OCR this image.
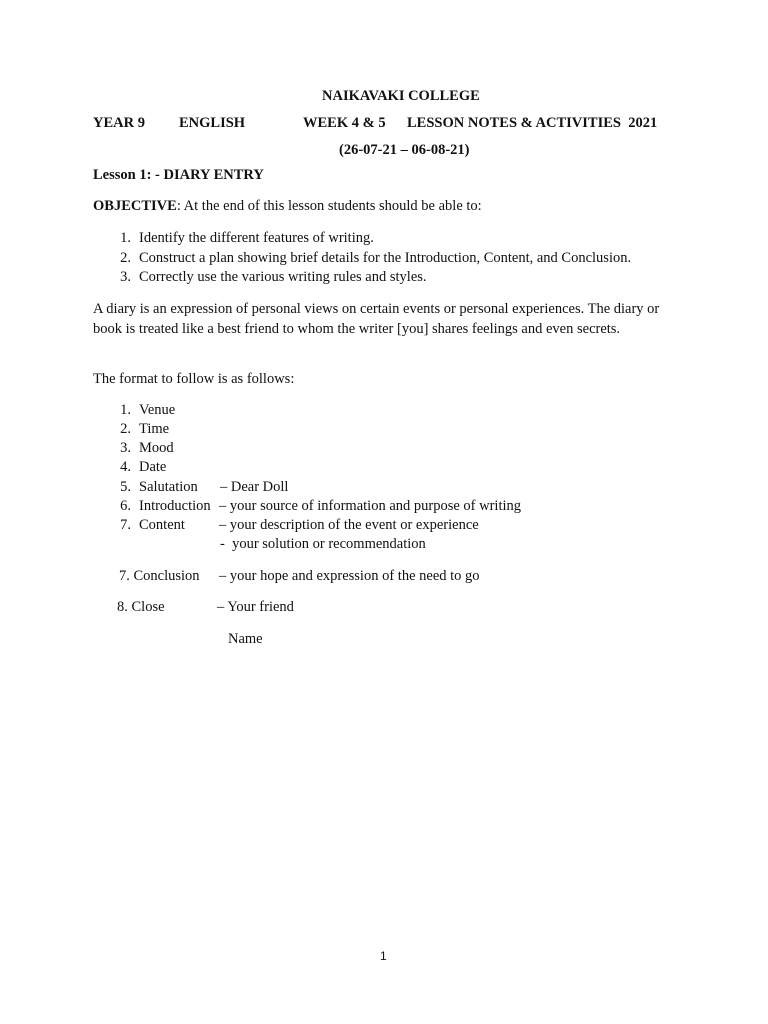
NAIKAVAKI COLLEGE
YEAR 9 ENGLISH	WEEK 4 & 5 LESSON NOTES & ACTIVITIES  2021
(26-07-21 – 06-08-21)
Lesson 1: - DIARY ENTRY
OBJECTIVE: At the end of this lesson students should be able to:
1. Identify the different features of writing.
2. Construct a plan showing brief details for the Introduction, Content, and Conclusion.
3. Correctly use the various writing rules and styles.
A diary is an expression of personal views on certain events or personal experiences. The diary or book is treated like a best friend to whom the writer [you] shares feelings and even secrets.
The format to follow is as follows:
1. Venue
2. Time
3. Mood
4. Date
5. Salutation – Dear Doll
6. Introduction – your source of information and purpose of writing
7. Content – your description of the event or experience
-  your solution or recommendation
7. Conclusion – your hope and expression of the need to go
8. Close	– Your friend
Name
1
